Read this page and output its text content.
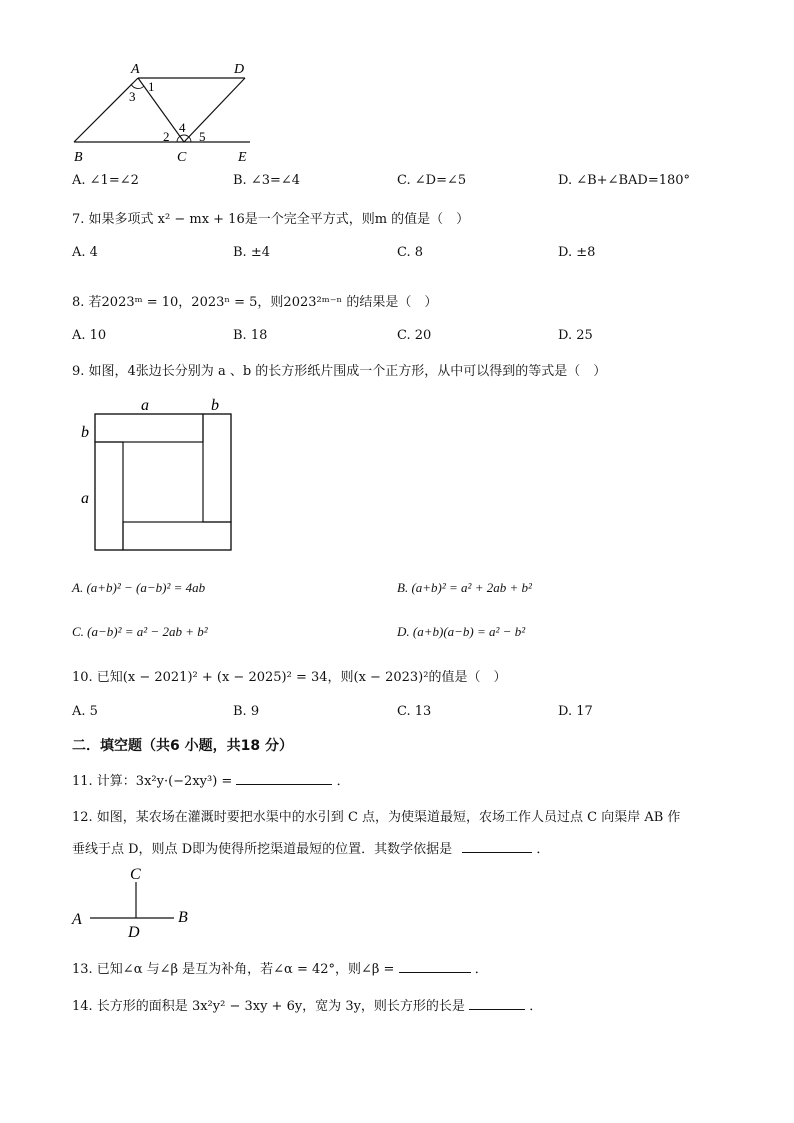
A	D
1
3
4
2 5
B	C	E
A. ∠1=∠2	B. ∠3=∠4	C. ∠D=∠5	D. ∠B+∠BAD=180°
7. 如果多项式 x² − mx + 16是一个完全平方式，则m 的值是（　）
A. 4	B. ±4	C. 8	D. ±8
8. 若2023ᵐ = 10，2023ⁿ = 5，则2023²ᵐ⁻ⁿ 的结果是（　）
A. 10	B. 18	C. 20	D. 25
9. 如图，4张边长分别为 a 、b 的长方形纸片围成一个正方形，从中可以得到的等式是（　）
a	b
b
a
A. (a+b)² − (a−b)² = 4ab	B. (a+b)² = a² + 2ab + b²
C. (a−b)² = a² − 2ab + b²	D. (a+b)(a−b) = a² − b²
10. 已知(x − 2021)² + (x − 2025)² = 34，则(x − 2023)²的值是（　）
A. 5	B. 9	C. 13	D. 17
二．填空题（共6 小题，共18 分）
11. 计算：3x²y·(−2xy³) =	．
12. 如图，某农场在灌溉时要把水渠中的水引到 C 点，为使渠道最短，农场工作人员过点 C 向渠岸 AB 作
垂线于点 D，则点 D即为使得所挖渠道最短的位置．其数学依据是	．
C
A	B
D
13. 已知∠α 与∠β 是互为补角，若∠α = 42°，则∠β =	．
14. 长方形的面积是 3x²y² − 3xy + 6y，宽为 3y，则长方形的长是	．
